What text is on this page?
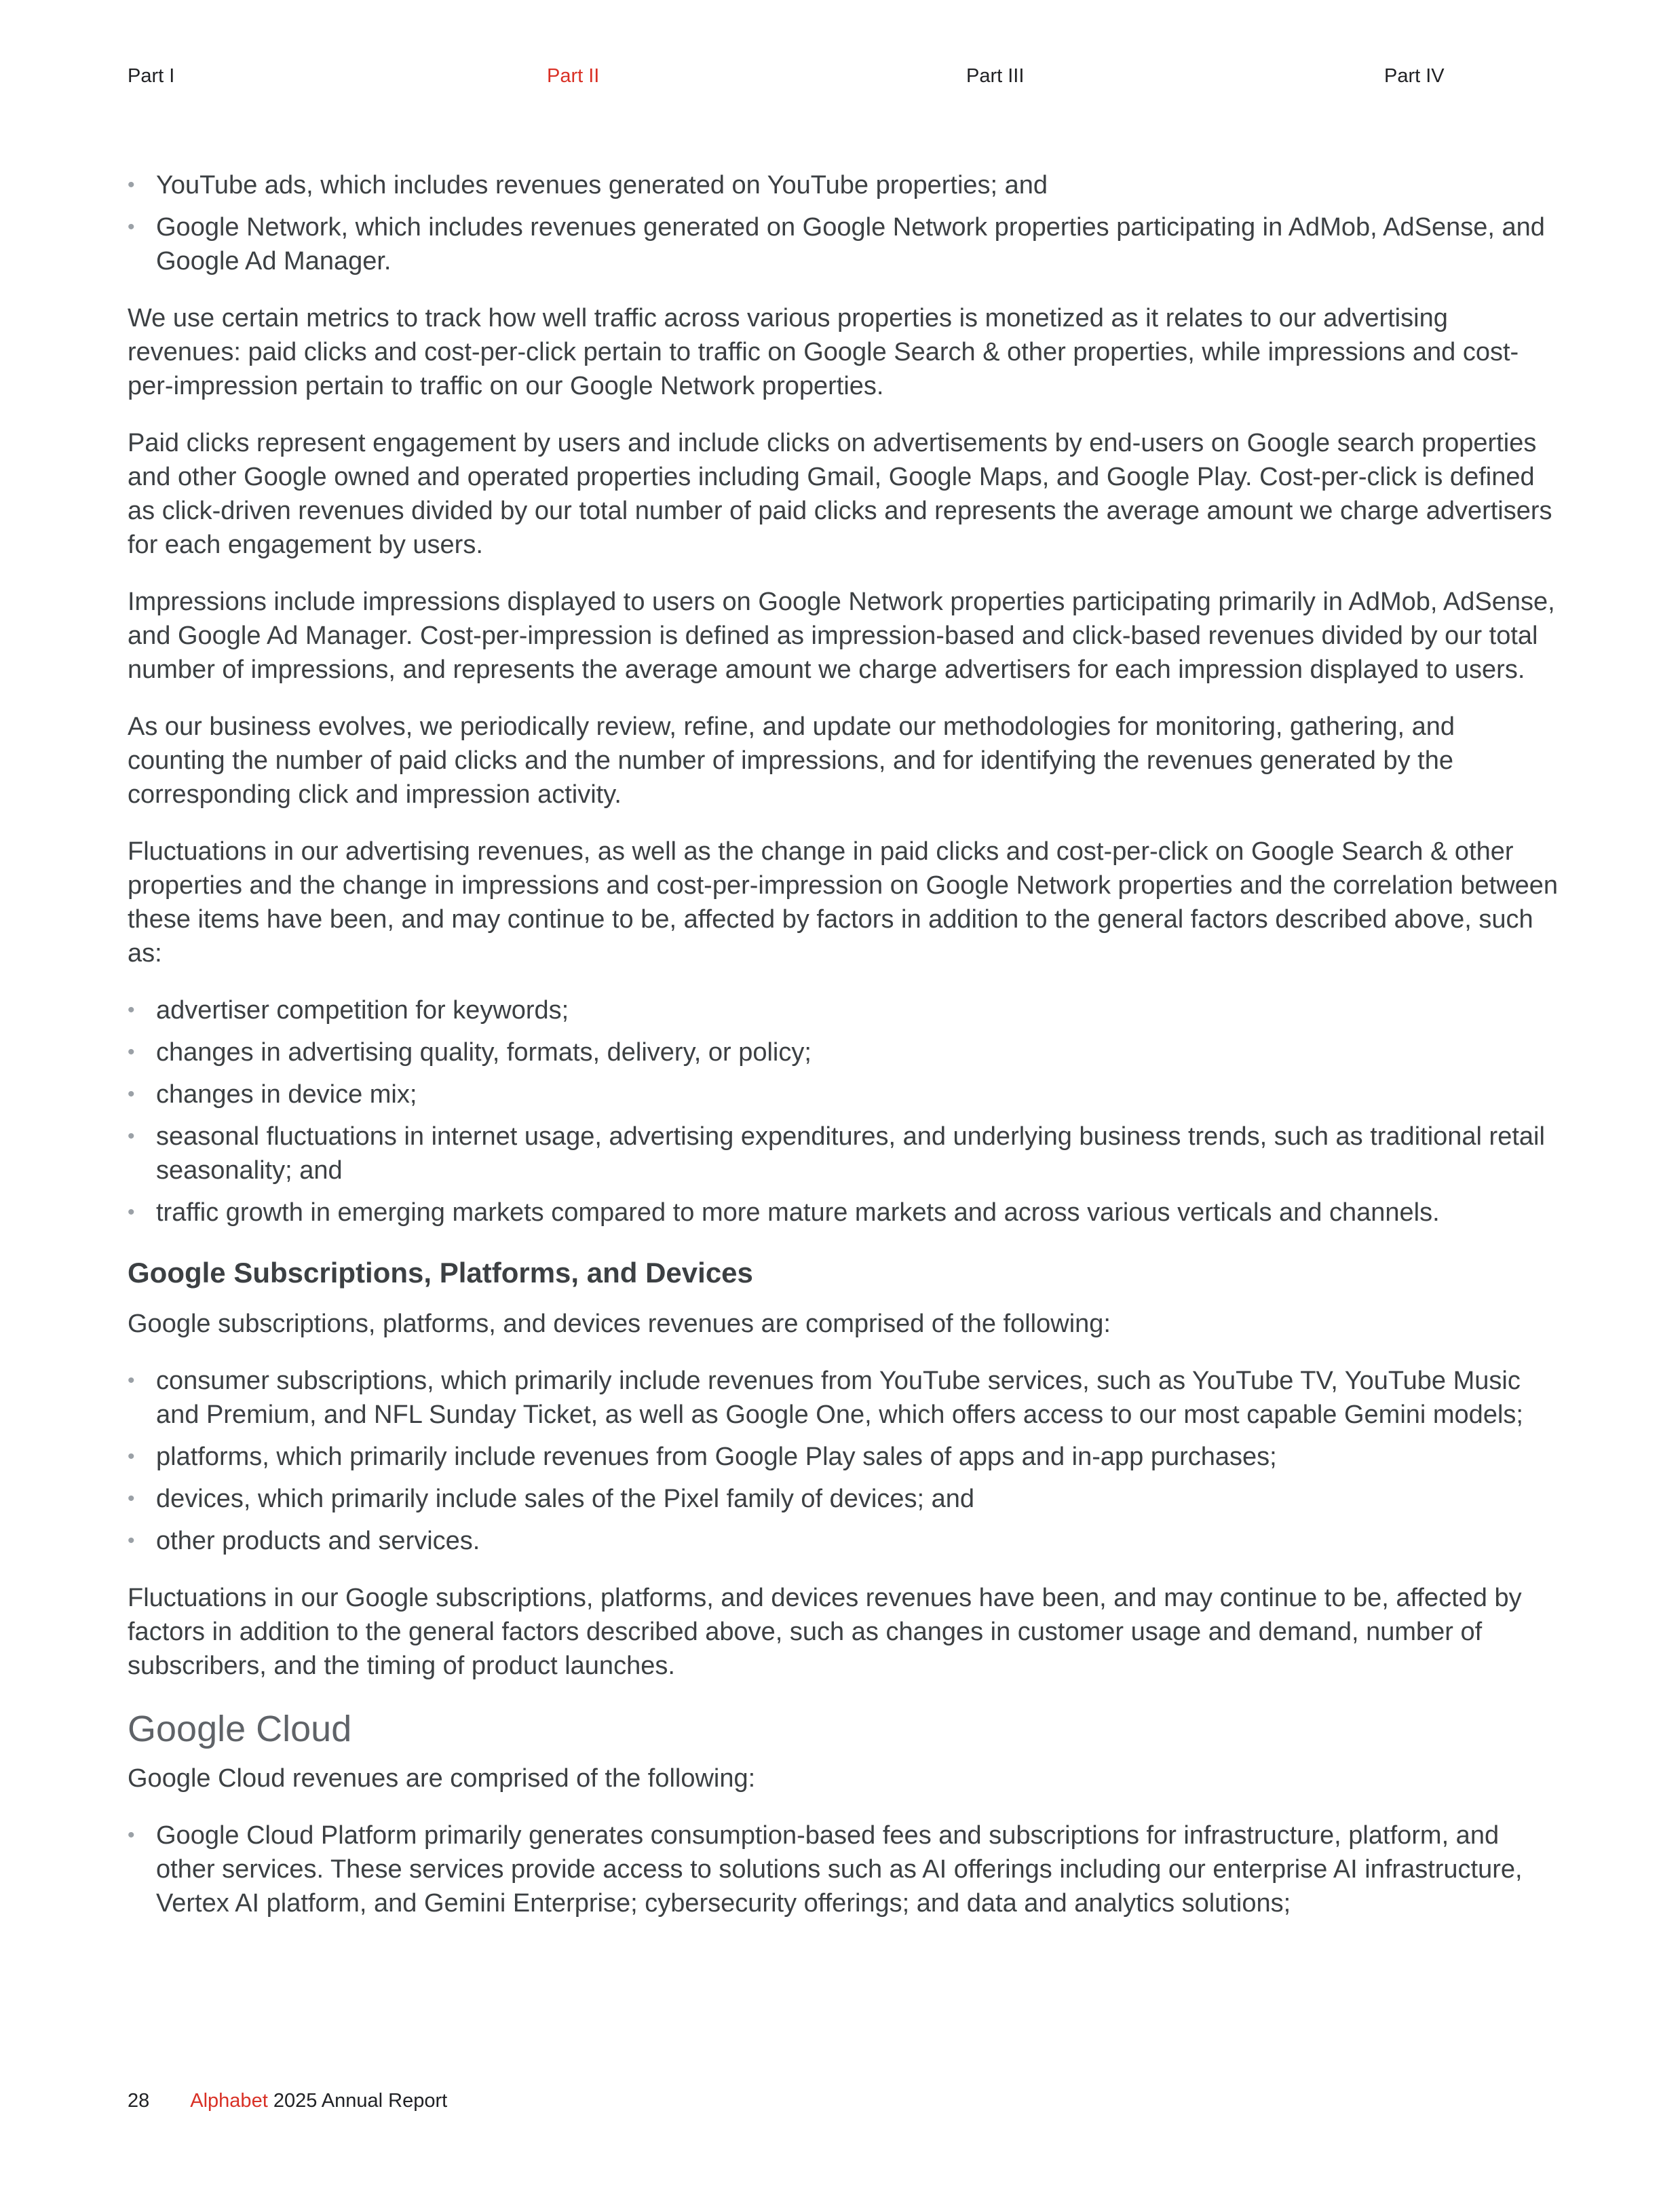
Part I	Part II	Part III	Part IV
• YouTube ads, which includes revenues generated on YouTube properties; and
• Google Network, which includes revenues generated on Google Network properties participating in AdMob, AdSense, and Google Ad Manager.

We use certain metrics to track how well traffic across various properties is monetized as it relates to our advertising revenues: paid clicks and cost-per-click pertain to traffic on Google Search & other properties, while impressions and cost-per-impression pertain to traffic on our Google Network properties.

Paid clicks represent engagement by users and include clicks on advertisements by end-users on Google search properties and other Google owned and operated properties including Gmail, Google Maps, and Google Play. Cost-per-click is defined as click-driven revenues divided by our total number of paid clicks and represents the average amount we charge advertisers for each engagement by users.

Impressions include impressions displayed to users on Google Network properties participating primarily in AdMob, AdSense, and Google Ad Manager. Cost-per-impression is defined as impression-based and click-based revenues divided by our total number of impressions, and represents the average amount we charge advertisers for each impression displayed to users.

As our business evolves, we periodically review, refine, and update our methodologies for monitoring, gathering, and counting the number of paid clicks and the number of impressions, and for identifying the revenues generated by the corresponding click and impression activity.

Fluctuations in our advertising revenues, as well as the change in paid clicks and cost-per-click on Google Search & other properties and the change in impressions and cost-per-impression on Google Network properties and the correlation between these items have been, and may continue to be, affected by factors in addition to the general factors described above, such as:

• advertiser competition for keywords;
• changes in advertising quality, formats, delivery, or policy;
• changes in device mix;
• seasonal fluctuations in internet usage, advertising expenditures, and underlying business trends, such as traditional retail seasonality; and
• traffic growth in emerging markets compared to more mature markets and across various verticals and channels.
Google Subscriptions, Platforms, and Devices

Google subscriptions, platforms, and devices revenues are comprised of the following:

• consumer subscriptions, which primarily include revenues from YouTube services, such as YouTube TV, YouTube Music and Premium, and NFL Sunday Ticket, as well as Google One, which offers access to our most capable Gemini models;
• platforms, which primarily include revenues from Google Play sales of apps and in-app purchases;
• devices, which primarily include sales of the Pixel family of devices; and
• other products and services.

Fluctuations in our Google subscriptions, platforms, and devices revenues have been, and may continue to be, affected by factors in addition to the general factors described above, such as changes in customer usage and demand, number of subscribers, and the timing of product launches.

Google Cloud

Google Cloud revenues are comprised of the following:

• Google Cloud Platform primarily generates consumption-based fees and subscriptions for infrastructure, platform, and other services. These services provide access to solutions such as AI offerings including our enterprise AI infrastructure, Vertex AI platform, and Gemini Enterprise; cybersecurity offerings; and data and analytics solutions;
28 Alphabet 2025 Annual Report
